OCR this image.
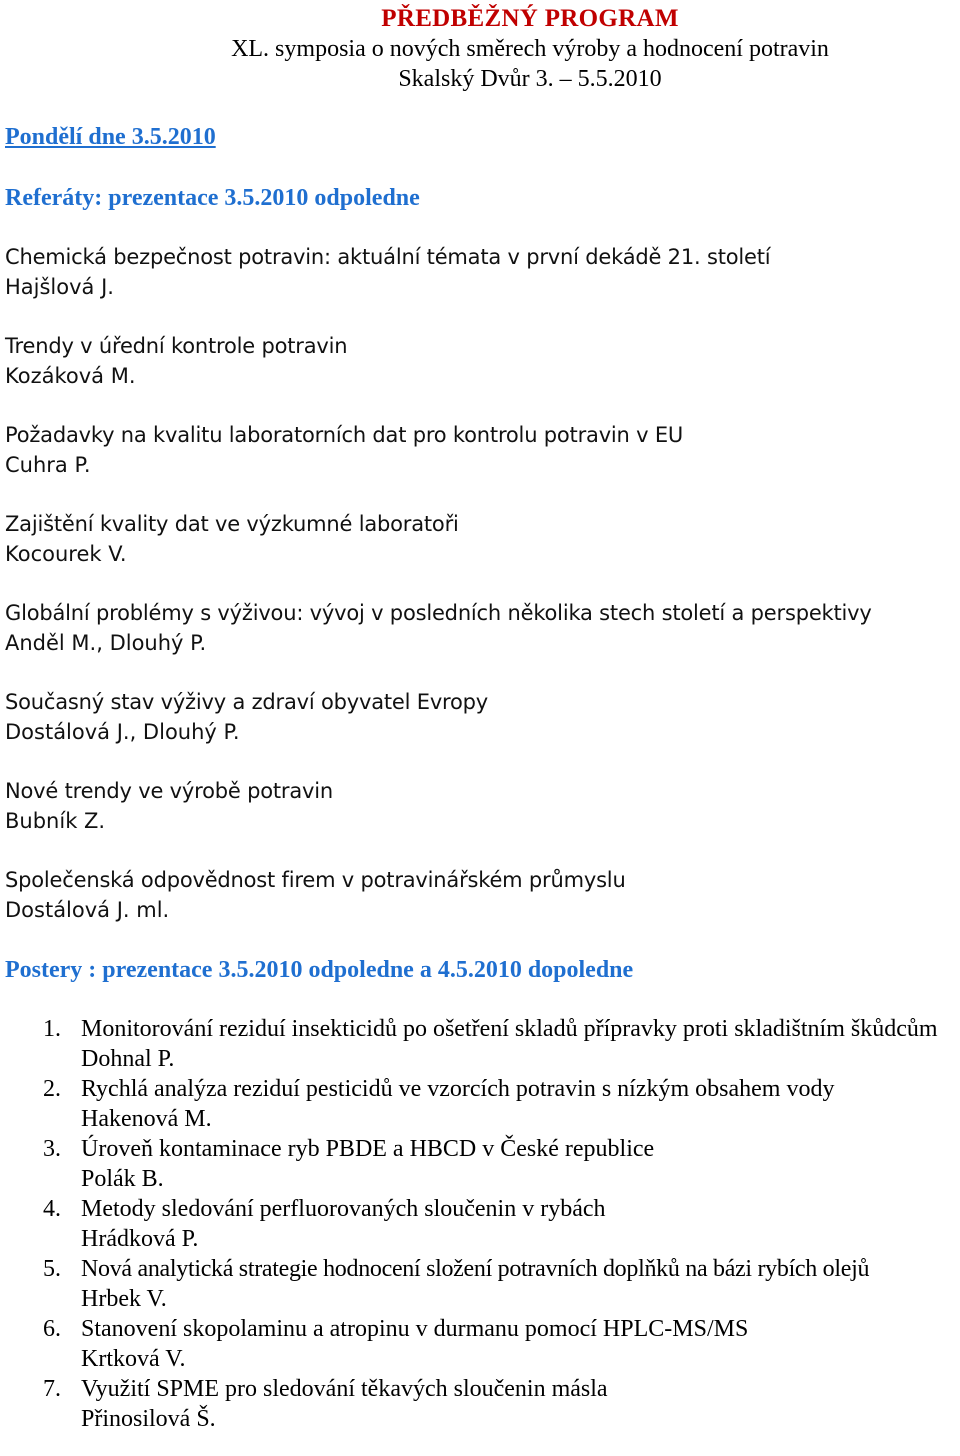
PŘEDBĚŽNÝ PROGRAM
XL. symposia o nových směrech výroby a hodnocení potravin
Skalský Dvůr 3. – 5.5.2010
Pondělí dne 3.5.2010
Referáty: prezentace 3.5.2010 odpoledne
Chemická bezpečnost potravin: aktuální témata v první dekádě 21. století
Hajšlová J.
Trendy v úřední kontrole potravin
Kozáková M.
Požadavky na kvalitu laboratorních dat pro kontrolu potravin v EU
Cuhra P.
Zajištění kvality dat ve výzkumné laboratoři
Kocourek V.
Globální problémy s výživou: vývoj v posledních několika stech století a perspektivy
Anděl M., Dlouhý P.
Současný stav výživy a zdraví obyvatel Evropy
Dostálová J., Dlouhý P.
Nové trendy ve výrobě potravin
Bubník Z.
Společenská odpovědnost firem v potravinářském průmyslu
Dostálová J. ml.
Postery : prezentace 3.5.2010 odpoledne a 4.5.2010 dopoledne
1. Monitorování reziduí insekticidů po ošetření skladů přípravky proti skladištním škůdcům
Dohnal P.
2. Rychlá analýza reziduí pesticidů ve vzorcích potravin s nízkým obsahem vody
Hakenová M.
3. Úroveň kontaminace ryb PBDE a HBCD v České republice
Polák B.
4. Metody sledování perfluorovaných sloučenin v rybách
Hrádková P.
5. Nová analytická strategie hodnocení složení potravních doplňků na bázi rybích olejů
Hrbek V.
6. Stanovení skopolaminu a atropinu v durmanu pomocí HPLC-MS/MS
Krtková V.
7. Využití SPME pro sledování těkavých sloučenin másla
Přinosilová Š.
